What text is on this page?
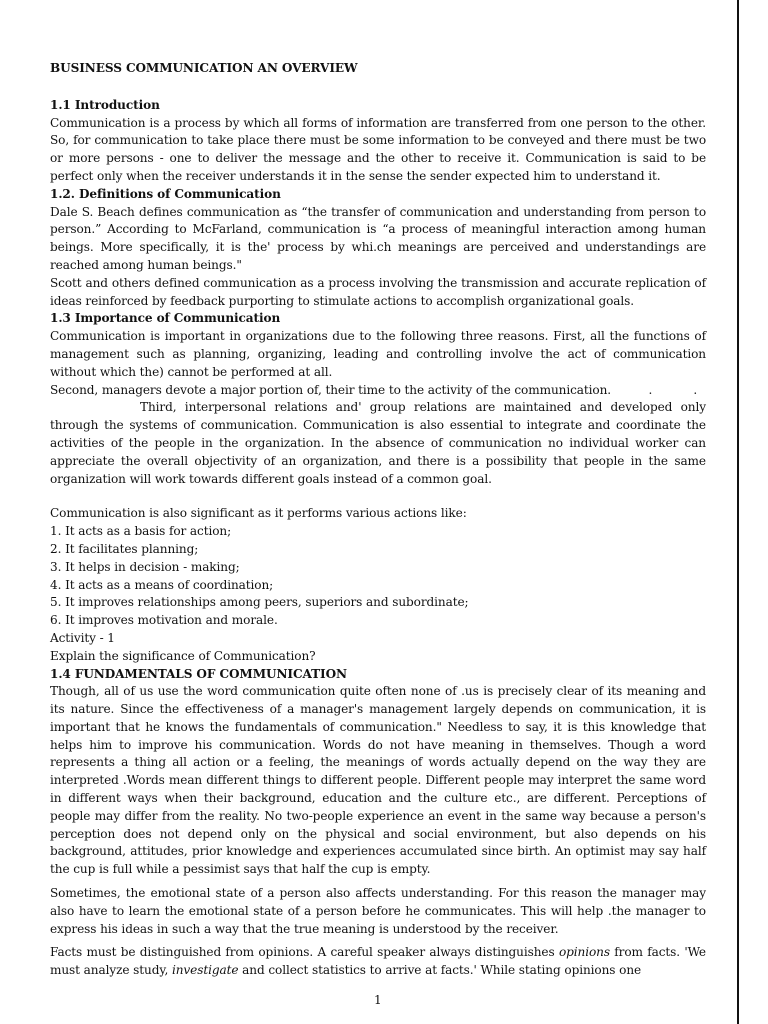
BUSINESS COMMUNICATION AN OVERVIEW
1.1 Introduction

Communication is a process by which all forms of information are transferred from one person to the other. So, for communication to take place there must be some information to be conveyed and there must be two or more persons - one to deliver the message and the other to receive it. Communication is said to be perfect only when the receiver understands it in the sense the sender expected him to understand it.

1.2. Definitions of Communication

Dale S. Beach defines communication as “the transfer of communication and understanding from person to person.” According to McFarland, communication is “a process of meaningful interaction among human beings. More specifically, it is the' process by whi.ch meanings are perceived and understandings are reached among human beings."

Scott and others defined communication as a process involving the transmission and accurate replication of ideas reinforced by feedback purporting to stimulate actions to accomplish organizational goals.

1.3 Importance of Communication

Communication is important in organizations due to the following three reasons. First, all the functions of management such as planning, organizing, leading and controlling involve the act of communication without which the) cannot be performed at all.

Second, managers devote a major portion of, their time to the activity of the communication.          .           .

Third, interpersonal relations and' group relations are maintained and developed only through the systems of communication. Communication is also essential to integrate and coordinate the activities of the people in the organization. In the absence of communication no individual worker can appreciate the overall objectivity of an organization, and there is a possibility that people in the same organization will work towards different goals instead of a common goal.

Communication is also significant as it performs various actions like:

1. It acts as a basis for action;
2. It facilitates planning;
3. It helps in decision - making;
4. It acts as a means of coordination;
5. It improves relationships among peers, superiors and subordinate;
6. It improves motivation and morale.

Activity - 1

Explain the significance of Communication?

1.4 FUNDAMENTALS OF COMMUNICATION

Though, all of us use the word communication quite often none of .us is precisely clear of its meaning and its nature. Since the effectiveness of a manager's management largely depends on communication, it is important that he knows the fundamentals of communication." Needless to say, it is this knowledge that helps him to improve his communication. Words do not have meaning in themselves. Though a word represents a thing all action or a feeling, the meanings of words actually depend on the way they are interpreted .Words mean different things to different people. Different people may interpret the same word in different ways when their background, education and the culture etc., are different. Perceptions of people may differ from the reality. No two-people experience an event in the same way because a person's perception does not depend only on the physical and social environment, but also depends on his background, attitudes, prior knowledge and experiences accumulated since birth. An optimist may say half the cup is full while a pessimist says that half the cup is empty.

Sometimes, the emotional state of a person also affects understanding. For this reason the manager may also have to learn the emotional state of a person before he communicates. This will help .the manager to express his ideas in such a way that the true meaning is understood by the receiver.

Facts must be distinguished from opinions. A careful speaker always distinguishes opinions from facts. 'We must analyze study, investigate and collect statistics to arrive at facts.' While stating opinions one

1
